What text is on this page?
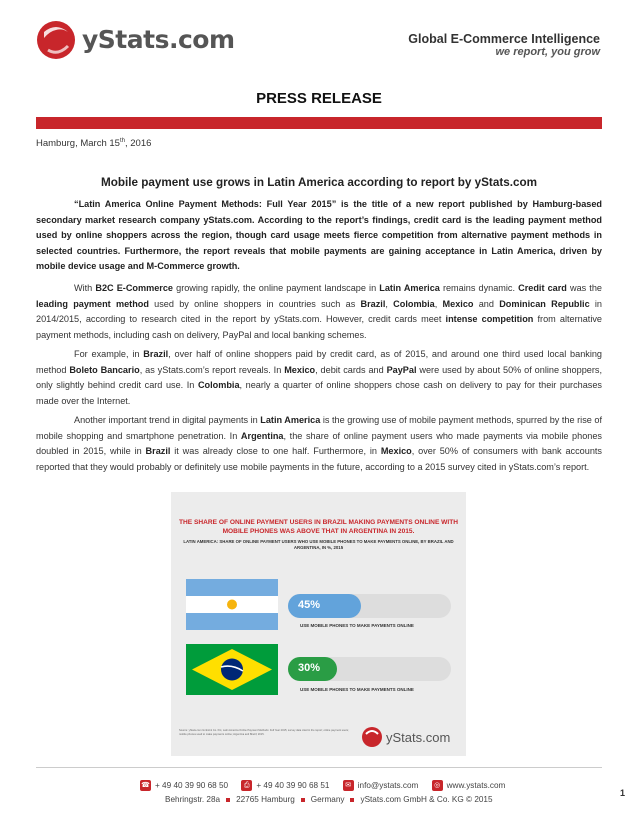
yStats.com	Global E-Commerce Intelligence
we report, you grow
PRESS RELEASE
Hamburg, March 15th, 2016
Mobile payment use grows in Latin America according to report by yStats.com

“Latin America Online Payment Methods: Full Year 2015” is the title of a new report published by Hamburg-based secondary market research company yStats.com. According to the report’s findings, credit card is the leading payment method used by online shoppers across the region, though card usage meets fierce competition from alternative payment methods in selected countries. Furthermore, the report reveals that mobile payments are gaining acceptance in Latin America, driven by mobile device usage and M-Commerce growth.

With B2C E-Commerce growing rapidly, the online payment landscape in Latin America remains dynamic. Credit card was the leading payment method used by online shoppers in countries such as Brazil, Colombia, Mexico and Dominican Republic in 2014/2015, according to research cited in the report by yStats.com. However, credit cards meet intense competition from alternative payment methods, including cash on delivery, PayPal and local banking schemes.

For example, in Brazil, over half of online shoppers paid by credit card, as of 2015, and around one third used local banking method Boleto Bancario, as yStats.com’s report reveals. In Mexico, debit cards and PayPal were used by about 50% of online shoppers, only slightly behind credit card use. In Colombia, nearly a quarter of online shoppers chose cash on delivery to pay for their purchases made over the Internet.

Another important trend in digital payments in Latin America is the growing use of mobile payment methods, spurred by the rise of mobile shopping and smartphone penetration. In Argentina, the share of online payment users who made payments via mobile phones doubled in 2015, while in Brazil it was already close to one half. Furthermore, in Mexico, over 50% of consumers with bank accounts reported that they would probably or definitely use mobile payments in the future, according to a 2015 survey cited in yStats.com’s report.

THE SHARE OF ONLINE PAYMENT USERS IN BRAZIL MAKING PAYMENTS ONLINE WITH MOBILE PHONES WAS ABOVE THAT IN ARGENTINA IN 2015.
LATIN AMERICA: SHARE OF ONLINE PAYMENT USERS WHO USE MOBILE PHONES TO MAKE PAYMENTS ONLINE, BY BRAZIL AND ARGENTINA, IN %, 2015
45%
USE MOBILE PHONES TO MAKE PAYMENTS ONLINE
30%
USE MOBILE PHONES TO MAKE PAYMENTS ONLINE
Source: yStats.com GmbH & Co. KG; Latin America Online Payment Methods: Full Year 2015; survey data cited in the report; online payment users; mobile phones used to make payments online; Argentina and Brazil; 2015.	yStats.com
☎ + 49 40 39 90 68 50
	⎙ + 49 40 39 90 68 51
	✉ info@ystats.com
	◎ www.ystats.com
Behringstr. 28a 22765 Hamburg Germany yStats.com GmbH & Co. KG © 2015
1
